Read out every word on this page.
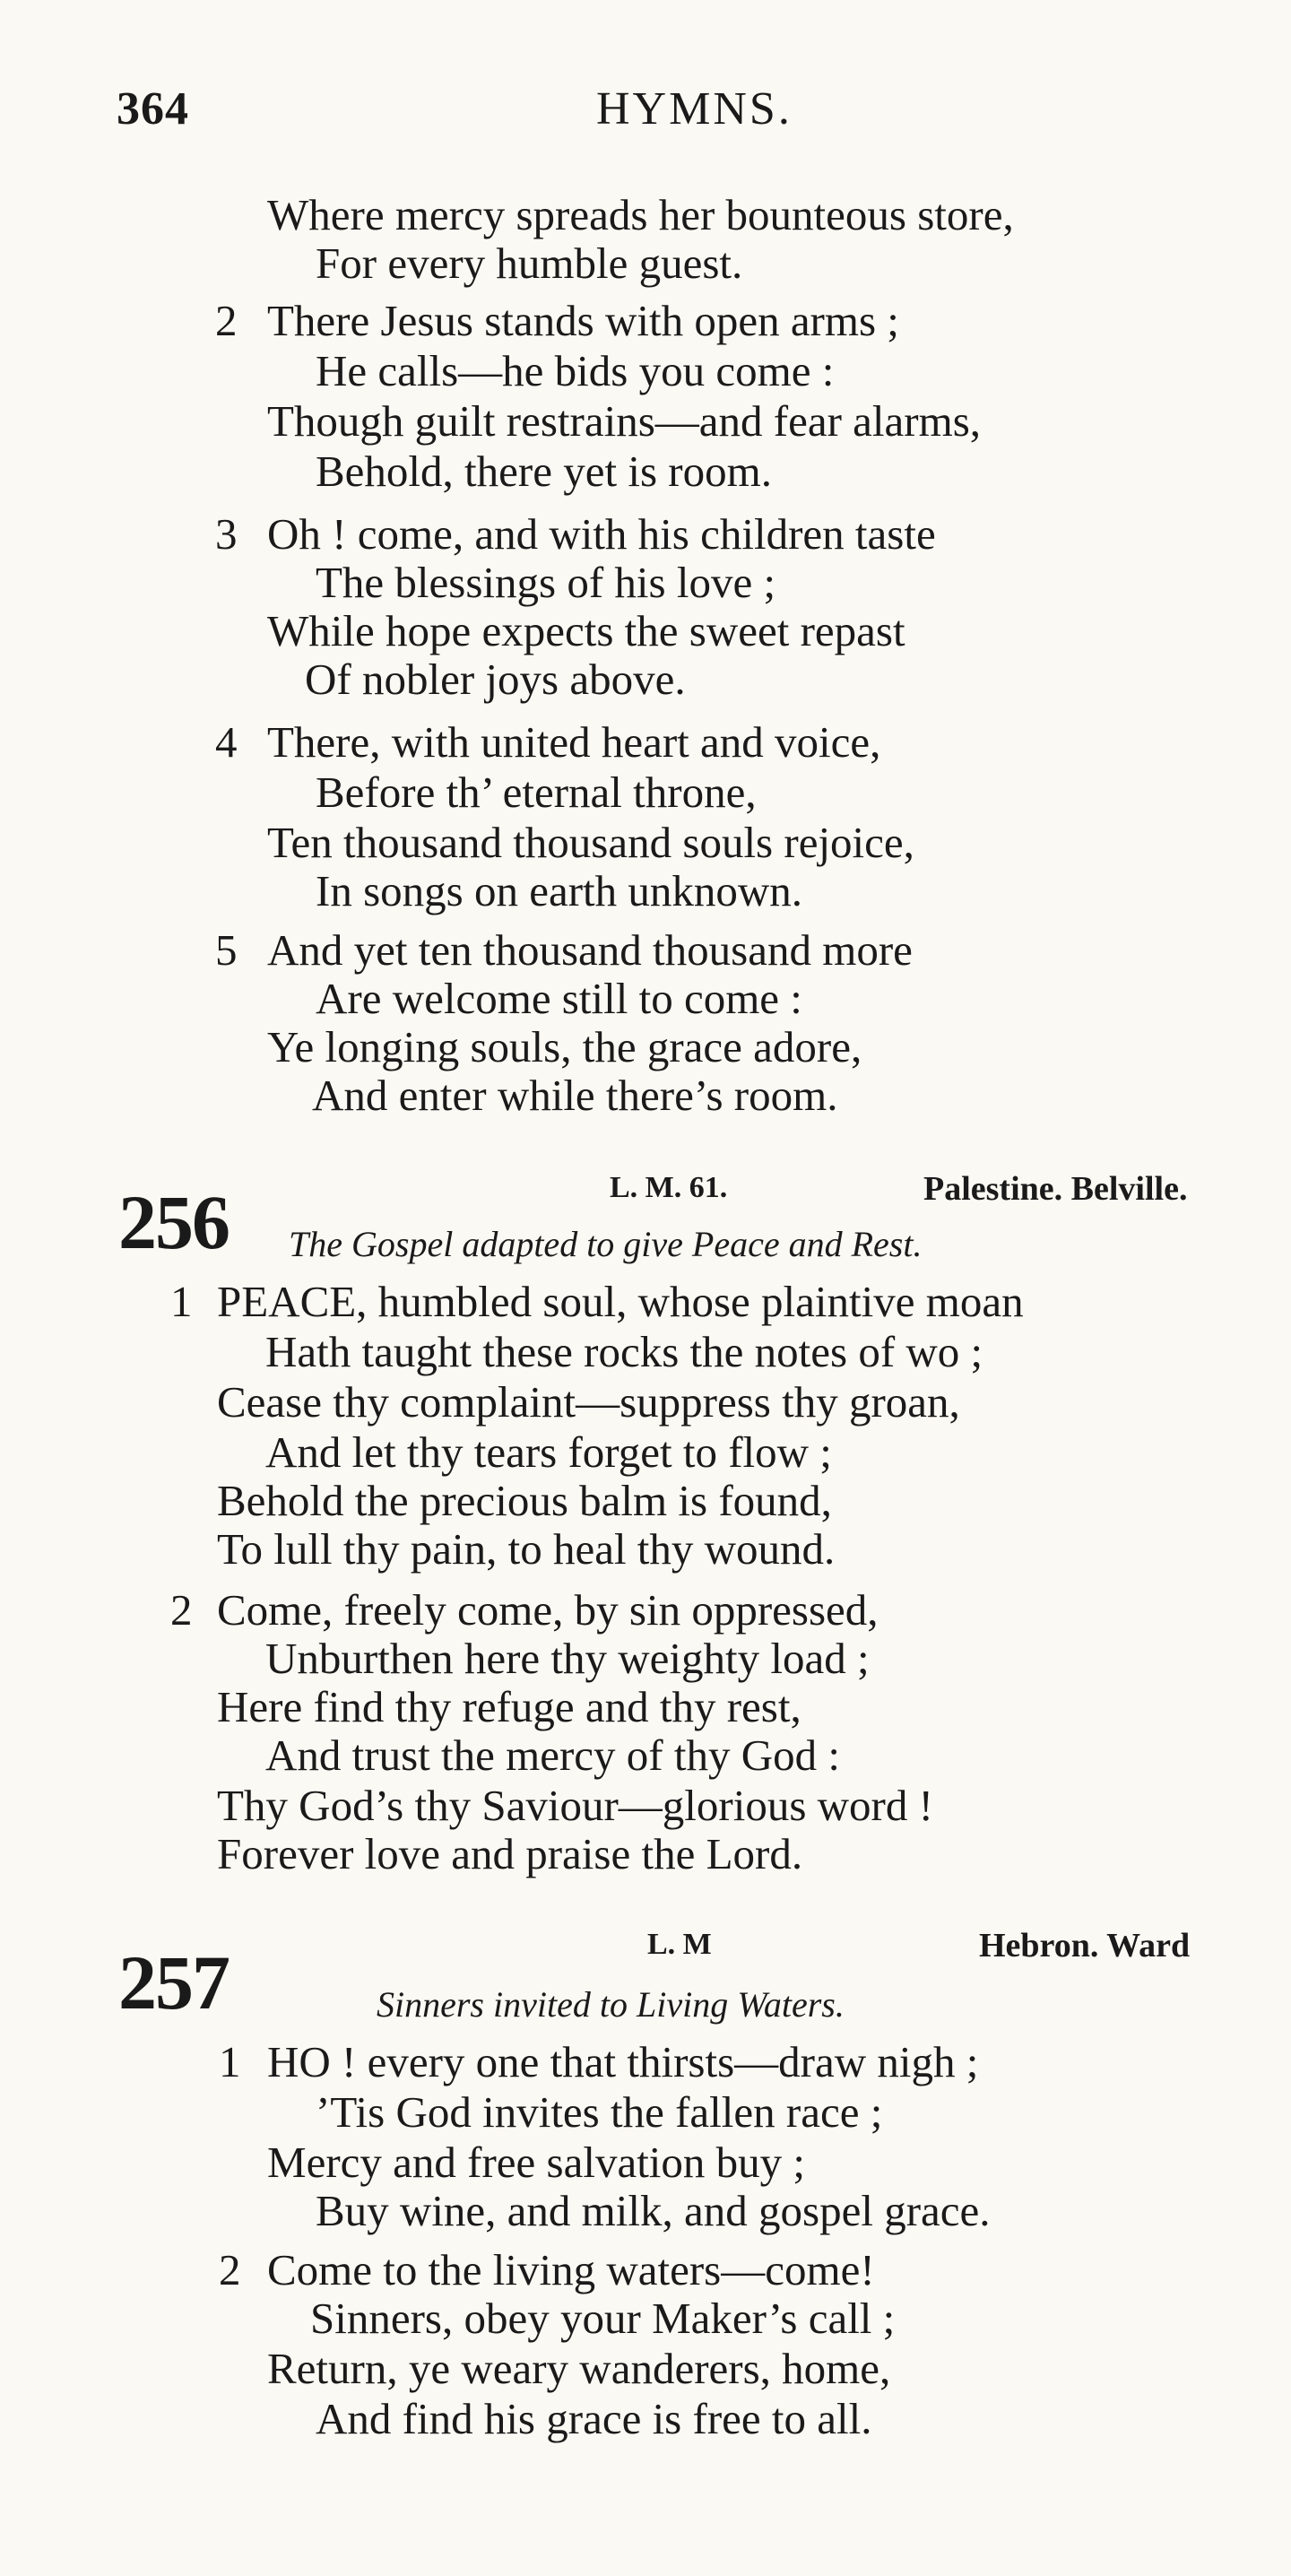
364	HYMNS.
Where mercy spreads her bounteous store,
For every humble guest.
2 There Jesus stands with open arms ;
He calls—he bids you come :
Though guilt restrains—and fear alarms,
Behold, there yet is room.
3 Oh ! come, and with his children taste
The blessings of his love ;
While hope expects the sweet repast
Of nobler joys above.
4 There, with united heart and voice,
Before th’ eternal throne,
Ten thousand thousand souls rejoice,
In songs on earth unknown.
5 And yet ten thousand thousand more
Are welcome still to come :
Ye longing souls, the grace adore,
And enter while there’s room.
256	L. M. 61.	Palestine. Belville.
The Gospel adapted to give Peace and Rest.
1 PEACE, humbled soul, whose plaintive moan
Hath taught these rocks the notes of wo ;
Cease thy complaint—suppress thy groan,
And let thy tears forget to flow ;
Behold the precious balm is found,
To lull thy pain, to heal thy wound.
2 Come, freely come, by sin oppressed,
Unburthen here thy weighty load ;
Here find thy refuge and thy rest,
And trust the mercy of thy God :
Thy God’s thy Saviour—glorious word !
Forever love and praise the Lord.
257	L. M	Hebron. Ward
Sinners invited to Living Waters.
1 HO ! every one that thirsts—draw nigh ;
’Tis God invites the fallen race ;
Mercy and free salvation buy ;
Buy wine, and milk, and gospel grace.
2 Come to the living waters—come!
Sinners, obey your Maker’s call ;
Return, ye weary wanderers, home,
And find his grace is free to all.
